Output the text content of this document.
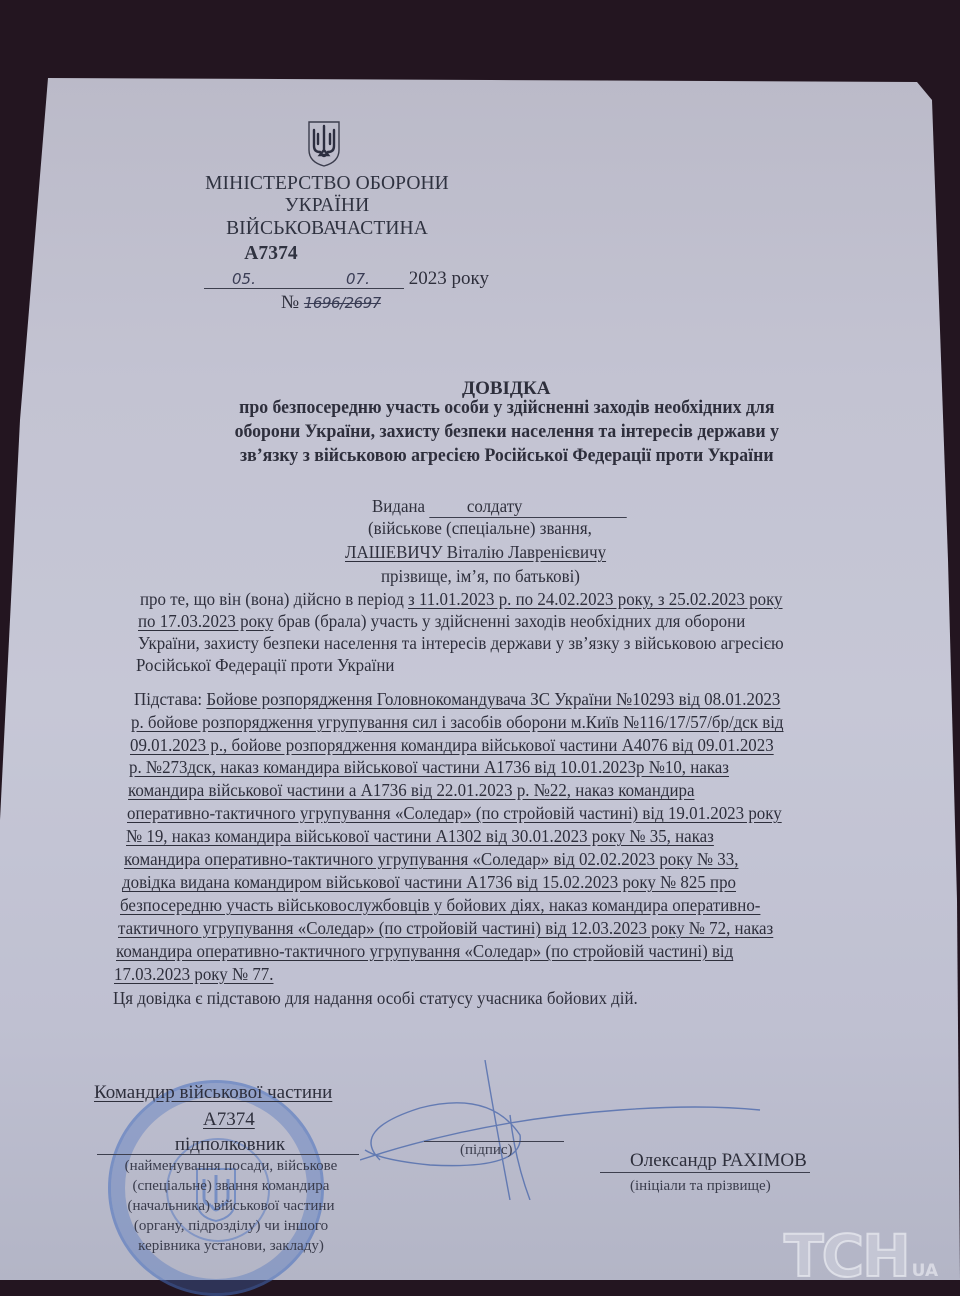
МІНІСТЕРСТВО ОБОРОНИ
УКРАЇНИ
ВІЙСЬКОВАЧАСТИНА
А7374
05.	07. 2023 року
№ 1696/2697
ДОВІДКА
про безпосередню участь особи у здійсненні заходів необхідних для
оборони України, захисту безпеки населення та інтересів держави у
зв’язку з військовою агресією Російської Федерації проти України
Видана солдату
(військове (спеціальне) звання,
ЛАШЕВИЧУ Віталію Лавренієвичу
прізвище, ім’я, по батькові)
про те, що він (вона) дійсно в період з 11.01.2023 р. по 24.02.2023 року, з 25.02.2023 року
по 17.03.2023 року брав (брала) участь у здійсненні заходів необхідних для оборони
України, захисту безпеки населення та інтересів держави у зв’язку з військовою агресією
Російської Федерації проти України
Підстава: Бойове розпорядження Головнокомандувача ЗС України №10293 від 08.01.2023
р. бойове розпорядження угрупування сил і засобів оборони м.Київ №116/17/57/бр/дск від
09.01.2023 р., бойове розпорядження командира військової частини А4076 від 09.01.2023
р. №273дск, наказ командира військової частини А1736 від 10.01.2023р №10, наказ
командира військової частини а А1736 від 22.01.2023 р. №22, наказ командира
оперативно-тактичного угрупування «Соледар» (по стройовій частині) від 19.01.2023 року
№ 19, наказ командира військової частини А1302 від 30.01.2023 року № 35, наказ
командира оперативно-тактичного угрупування «Соледар» від 02.02.2023 року № 33,
довідка видана командиром військової частини А1736 від 15.02.2023 року № 825 про
безпосередню участь військовослужбовців у бойових діях, наказ командира оперативно-
тактичного угрупування «Соледар» (по стройовій частині) від 12.03.2023 року № 72, наказ
командира оперативно-тактичного угрупування «Соледар» (по стройовій частині) від
17.03.2023 року № 77.
Ця довідка є підставою для надання особі статусу учасника бойових дій.
Командир військової частини
А7374
підполковник
(найменування посади, військове
(спеціальне) звання командира
(начальника) військової частини
(органу, підрозділу) чи іншого
керівника установи, закладу)
(підпис)	Олександр РАХІМОВ
(ініціали та прізвище)
ТСН UA
